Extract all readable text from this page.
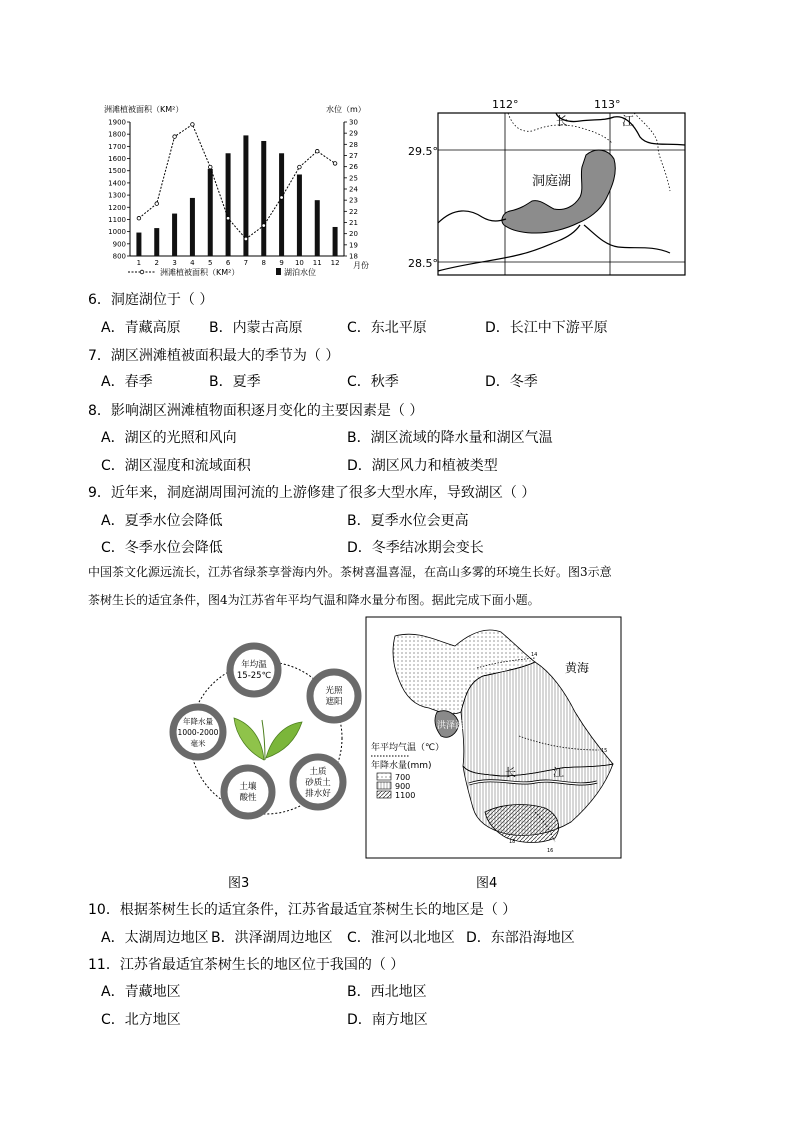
洲滩植被面积（KM²）	水位（m）
1900
1800
1700
1600
1500
1400
1300
1200
1100
1000
900
800
30
29
28
27
26
25
24
23
22
21
20
19
18
1 2 3 4 5 6 7 8 9 10 11 12 月份
洲滩植被面积（KM²）	湖泊水位
112°	113°
29.5°
28.5°
长	江
洞庭湖
6．洞庭湖位于（ ）
A．青藏高原 B．内蒙古高原	C．东北平原	D．长江中下游平原
7．湖区洲滩植被面积最大的季节为（ ）
A．春季	B．夏季	C．秋季	D．冬季
8．影响湖区洲滩植物面积逐月变化的主要因素是（ ）
A．湖区的光照和风向	B．湖区流域的降水量和湖区气温
C．湖区湿度和流域面积	D．湖区风力和植被类型
9．近年来，洞庭湖周围河流的上游修建了很多大型水库，导致湖区（ ）
A．夏季水位会降低	B．夏季水位会更高
C．冬季水位会降低	D．冬季结冰期会变长
中国茶文化源远流长，江苏省绿茶享誉海内外。茶树喜温喜湿，在高山多雾的环境生长好。图3示意
茶树生长的适宜条件，图4为江苏省年平均气温和降水量分布图。据此完成下面小题。
年均温
15-25℃
光照
遮阳
土质
砂质土
排水好
土壤
酸性
年降水量
1000-2000
毫米
洪泽湖
长	江
14
15
16
18
黄海
年平均气温（℃）
年降水量(mm)
700
900
1100
图3	图4
10．根据茶树生长的适宜条件，江苏省最适宜茶树生长的地区是（ ）
A．太湖周边地区 B．洪泽湖周边地区 C．淮河以北地区 D．东部沿海地区
11．江苏省最适宜茶树生长的地区位于我国的（ ）
A．青藏地区	B．西北地区
C．北方地区	D．南方地区
